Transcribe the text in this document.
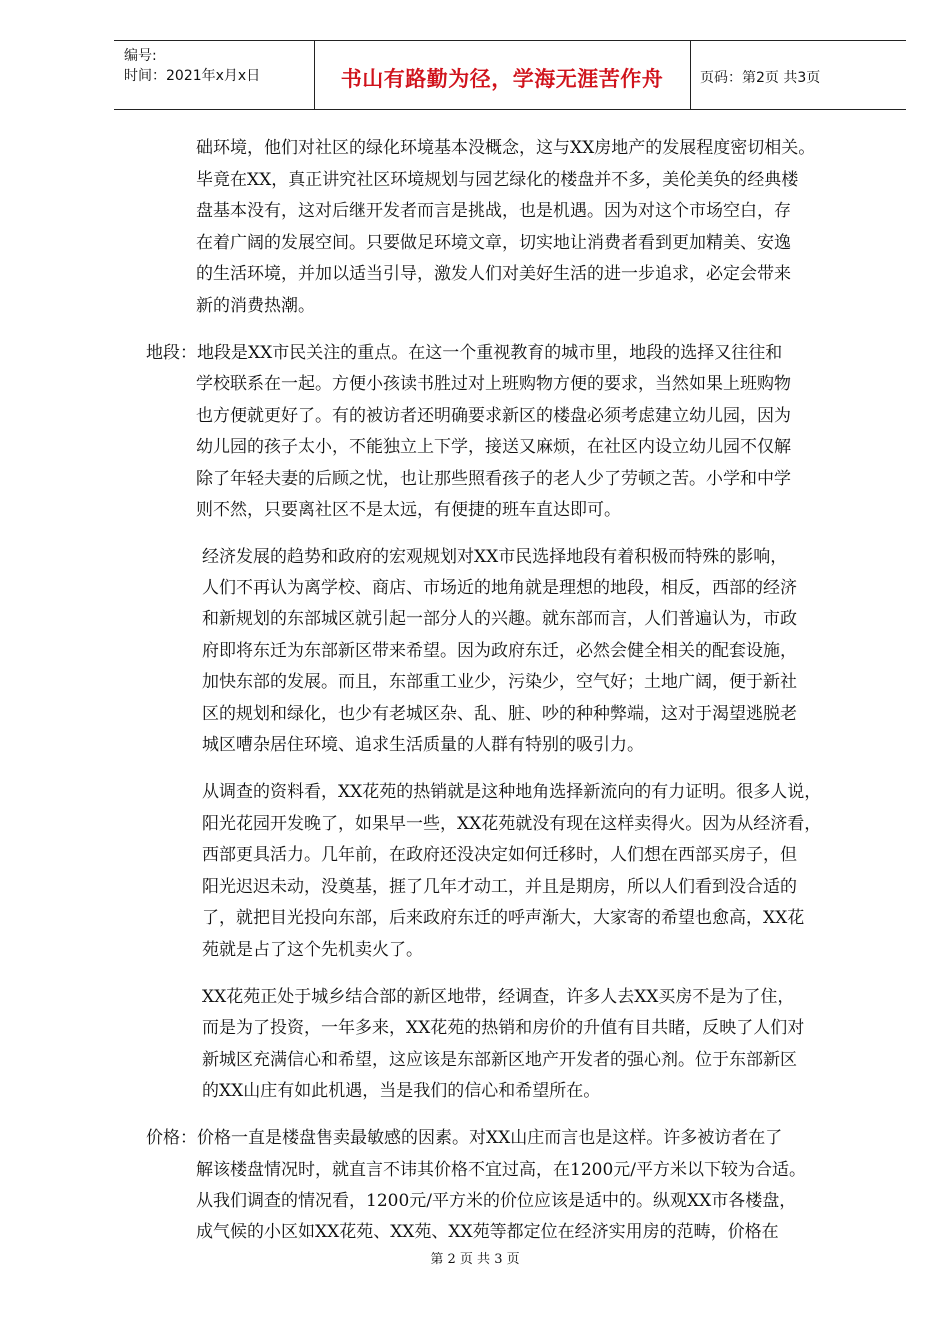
编号:
时间：2021年x月x日	书山有路勤为径，学海无涯苦作舟	页码：第2页 共3页
础环境，他们对社区的绿化环境基本没概念，这与XX房地产的发展程度密切相关。
毕竟在XX，真正讲究社区环境规划与园艺绿化的楼盘并不多，美伦美奂的经典楼
盘基本没有，这对后继开发者而言是挑战，也是机遇。因为对这个市场空白，存
在着广阔的发展空间。只要做足环境文章，切实地让消费者看到更加精美、安逸
的生活环境，并加以适当引导，激发人们对美好生活的进一步追求，必定会带来
新的消费热潮。
地段：地段是XX市民关注的重点。在这一个重视教育的城市里，地段的选择又往往和
学校联系在一起。方便小孩读书胜过对上班购物方便的要求，当然如果上班购物
也方便就更好了。有的被访者还明确要求新区的楼盘必须考虑建立幼儿园，因为
幼儿园的孩子太小，不能独立上下学，接送又麻烦，在社区内设立幼儿园不仅解
除了年轻夫妻的后顾之忧，也让那些照看孩子的老人少了劳顿之苦。小学和中学
则不然，只要离社区不是太远，有便捷的班车直达即可。
经济发展的趋势和政府的宏观规划对XX市民选择地段有着积极而特殊的影响，
人们不再认为离学校、商店、市场近的地角就是理想的地段，相反，西部的经济
和新规划的东部城区就引起一部分人的兴趣。就东部而言，人们普遍认为，市政
府即将东迁为东部新区带来希望。因为政府东迁，必然会健全相关的配套设施，
加快东部的发展。而且，东部重工业少，污染少，空气好；土地广阔，便于新社
区的规划和绿化，也少有老城区杂、乱、脏、吵的种种弊端，这对于渴望逃脱老
城区嘈杂居住环境、追求生活质量的人群有特别的吸引力。
从调查的资料看，XX花苑的热销就是这种地角选择新流向的有力证明。很多人说，
阳光花园开发晚了，如果早一些，XX花苑就没有现在这样卖得火。因为从经济看，
西部更具活力。几年前，在政府还没决定如何迁移时，人们想在西部买房子，但
阳光迟迟未动，没奠基，捱了几年才动工，并且是期房，所以人们看到没合适的
了，就把目光投向东部，后来政府东迁的呼声渐大，大家寄的希望也愈高，XX花
苑就是占了这个先机卖火了。
XX花苑正处于城乡结合部的新区地带，经调查，许多人去XX买房不是为了住，
而是为了投资，一年多来，XX花苑的热销和房价的升值有目共睹，反映了人们对
新城区充满信心和希望，这应该是东部新区地产开发者的强心剂。位于东部新区
的XX山庄有如此机遇，当是我们的信心和希望所在。
价格：价格一直是楼盘售卖最敏感的因素。对XX山庄而言也是这样。许多被访者在了
解该楼盘情况时，就直言不讳其价格不宜过高，在1200元/平方米以下较为合适。
从我们调查的情况看，1200元/平方米的价位应该是适中的。纵观XX市各楼盘，
成气候的小区如XX花苑、XX苑、XX苑等都定位在经济实用房的范畴，价格在
第 2 页 共 3 页
